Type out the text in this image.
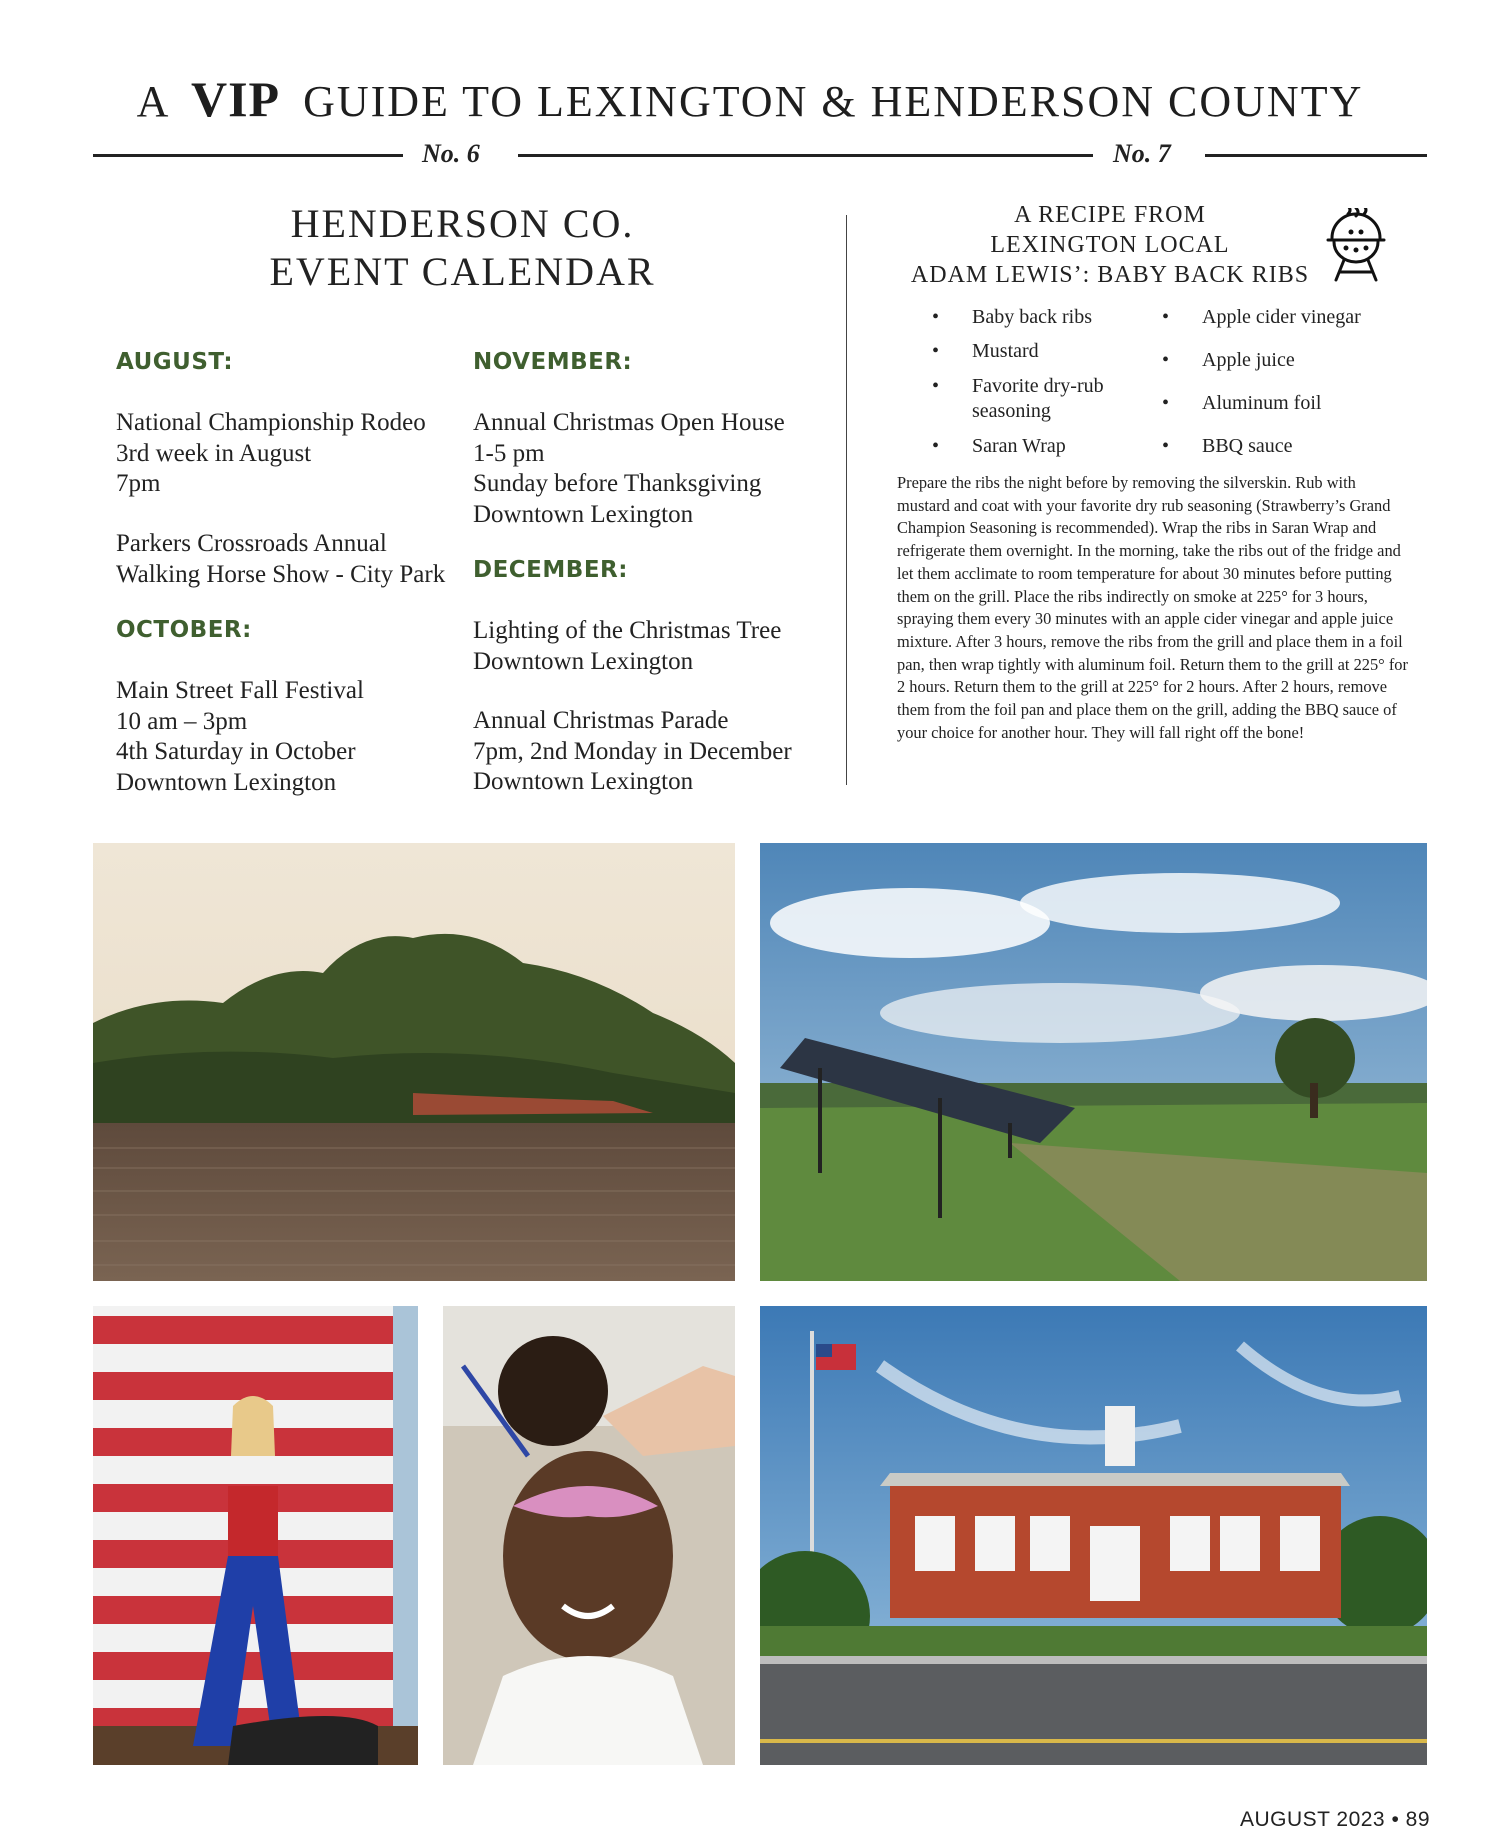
A VIP GUIDE TO LEXINGTON & HENDERSON COUNTY
No. 6	No. 7
HENDERSON CO.
EVENT CALENDAR
AUGUST:
National Championship Rodeo
3rd week in August
7pm
Parkers Crossroads Annual
Walking Horse Show - City Park
OCTOBER:
Main Street Fall Festival
10 am – 3pm
4th Saturday in October
Downtown Lexington
NOVEMBER:
Annual Christmas Open House
1-5 pm
Sunday before Thanksgiving
Downtown Lexington
DECEMBER:
Lighting of the Christmas Tree
Downtown Lexington
Annual Christmas Parade
7pm, 2nd Monday in December
Downtown Lexington
A RECIPE FROM
LEXINGTON LOCAL
ADAM LEWIS’: BABY BACK RIBS
• Baby back ribs
• Mustard
• Favorite dry-rub seasoning
• Saran Wrap
• Apple cider vinegar
• Apple juice
• Aluminum foil
• BBQ sauce
Prepare the ribs the night before by removing the silverskin. Rub with mustard and coat with your favorite dry rub seasoning (Strawberry’s Grand Champion Seasoning is recommended). Wrap the ribs in Saran Wrap and refrigerate them overnight. In the morning, take the ribs out of the fridge and let them acclimate to room temperature for about 30 minutes before putting them on the grill. Place the ribs indirectly on smoke at 225° for 3 hours, spraying them every 30 minutes with an apple cider vinegar and apple juice mixture. After 3 hours, remove the ribs from the grill and place them in a foil pan, then wrap tightly with aluminum foil. Return them to the grill at 225° for 2 hours. Return them to the grill at 225° for 2 hours. After 2 hours, remove them from the foil pan and place them on the grill, adding the BBQ sauce of your choice for another hour. They will fall right off the bone!
AUGUST 2023 • 89
